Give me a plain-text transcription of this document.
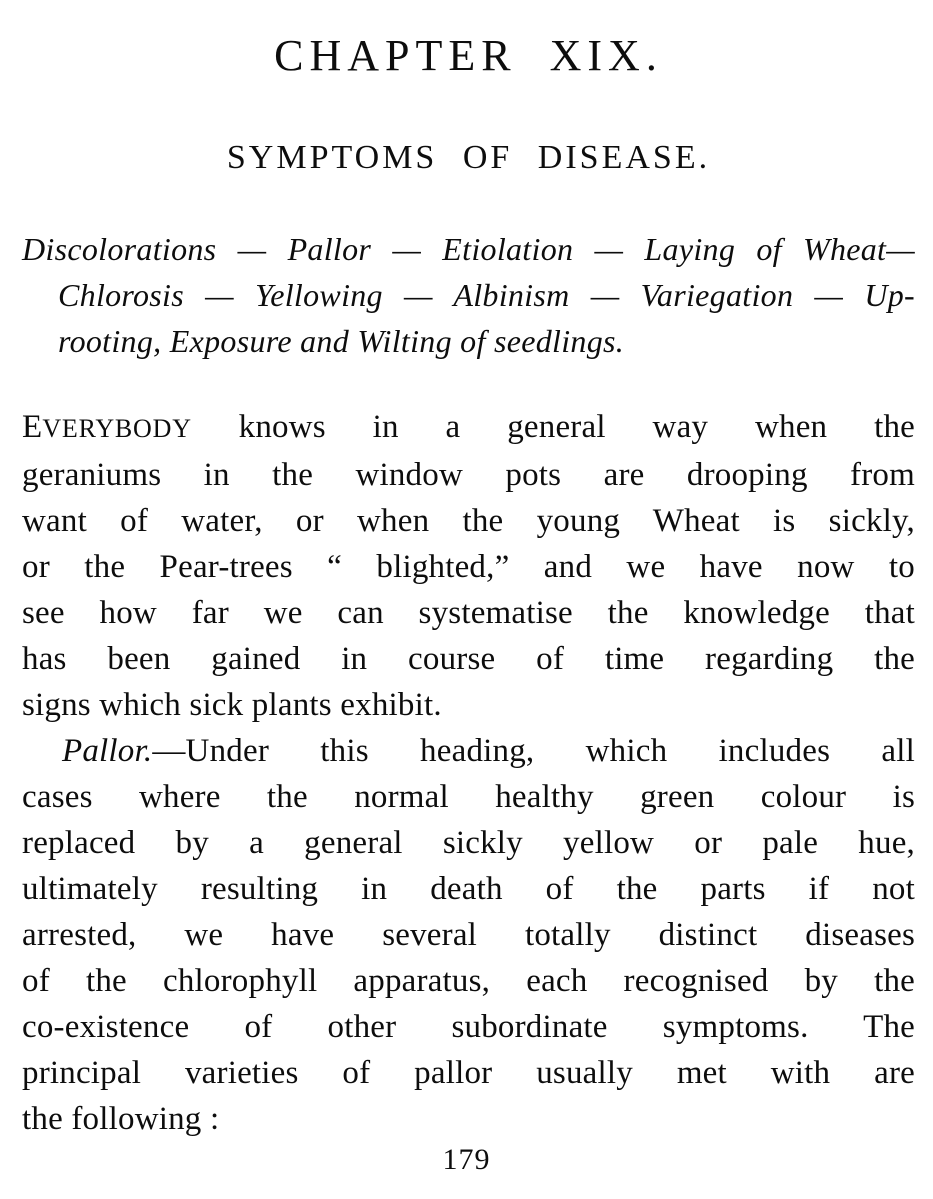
CHAPTER XIX.
SYMPTOMS OF DISEASE.
Discolorations — Pallor — Etiolation — Laying of Wheat—
Chlorosis — Yellowing — Albinism — Variegation — Up-
rooting, Exposure and Wilting of seedlings.
EVERYBODY knows in a general way when the
geraniums in the window pots are drooping from
want of water, or when the young Wheat is sickly,
or the Pear-trees “ blighted,” and we have now to
see how far we can systematise the knowledge that
has been gained in course of time regarding the
signs which sick plants exhibit.
Pallor.—Under this heading, which includes all
cases where the normal healthy green colour is
replaced by a general sickly yellow or pale hue,
ultimately resulting in death of the parts if not
arrested, we have several totally distinct diseases
of the chlorophyll apparatus, each recognised by the
co-existence of other subordinate symptoms. The
principal varieties of pallor usually met with are
the following :
179
